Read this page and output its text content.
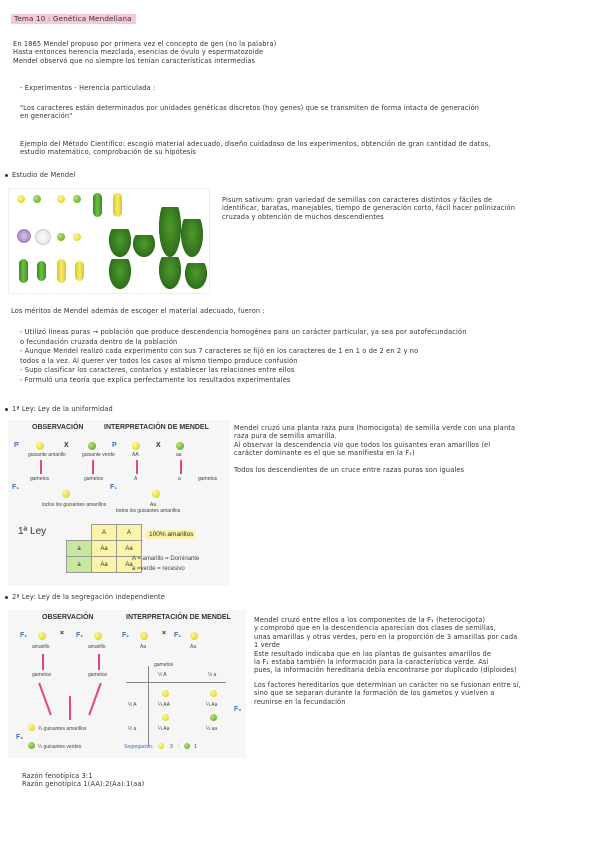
Tema 10 : Genética Mendeliana
En 1865 Mendel propuso por primera vez el concepto de gen (no la palabra)
Hasta entonces herencia mezclada, esencias de óvulo y espermatozoide
Mendel observó que no siempre los tenían características intermedias
- Experimentos - Herencia particulada :
"Los caracteres están determinados por unidades genéticas discretos (hoy genes) que se transmiten de forma intacta de generación
en generación"
Ejemplo del Método Científico: escogió material adecuado, diseño cuidadoso de los experimentos, obtención de gran cantidad de datos,
estudio matemático, comprobación de su hipótesis
Estudio de Mendel
Pisum sativum: gran variedad de semillas con caracteres distintos y fáciles de
identificar, baratas, manejables, tiempo de generación corto, fácil hacer polinización
cruzada y obtención de muchos descendientes
Los méritos de Mendel además de escoger el material adecuado, fueron :
- Utilizó líneas puras → población que produce descendencia homogénea para un carácter particular, ya sea por autofecundación
o fecundación cruzada dentro de la población
- Aunque Mendel realizó cada experimento con sus 7 caracteres se fijó en los caracteres de 1 en 1 o de 2 en 2 y no
todos a la vez. Al querer ver todos los casos al mismo tiempo produce confusión
- Supo clasificar los caracteres, contarlos y establecer las relaciones entre ellos
- Formuló una teoría que explica perfectamente los resultados experimentales
1ª Ley: Ley de la uniformidad
OBSERVACIÓN	INTERPRETACIÓN DE MENDEL
P	X
guisante amarillo	guisante verde
P	X
AA	aa
gametos	gametos	A	a	gametos
F₁
todos los guisantes amarillos
F₁
Aa
todos los guisantes amarillos
1ª Ley
		A	A
a	Aa	Aa
a	Aa	Aa
100% amarillos
A = amarillo = Dominante
a =verde = recesivo
Mendel cruzó una planta raza pura (homocigota) de semilla verde con una planta
raza pura de semilla amarilla.
Al observar la descendencia vio que todos los guisantes eran amarillos (el
carácter dominante es el que se manifiesta en la F₁)
Todos los descendientes de un cruce entre razas puras son iguales
2ª Ley: Ley de la segregación independiente
OBSERVACIÓN	INTERPRETACIÓN DE MENDEL
F₁	× F₁
amarillo	amarillo
F₁	× F₁
Aa	Aa
gametos	gametos
gametos
½ A	½ a
½ A	¼ AA	¼ Aa
½ a	¼ Aa	¼ aa
F₂
F₂
¾ guisantes amarillos
¼ guisantes verdes	Segregación:	3 :	1
Mendel cruzó entre ellos a los componentes de la F₁ (heterocigota)
y comprobó que en la descendencia aparecían dos clases de semillas,
unas amarillas y otras verdes, pero en la proporción de 3 amarillas por cada
1 verde
Este resultado indicaba que en las plantas de guisantes amarillos de
la F₁ estaba también la información para la característica verde. Así
pues, la información hereditaria debía encontrarse por duplicado (diploides)
Los factores hereditarios que determinan un carácter no se fusionan entre sí,
sino que se separan durante la formación de los gametos y vuelven a
reunirse en la fecundación
Razón fenotípica 3:1
Razón genotípica 1(AA):2(Aa):1(aa)
